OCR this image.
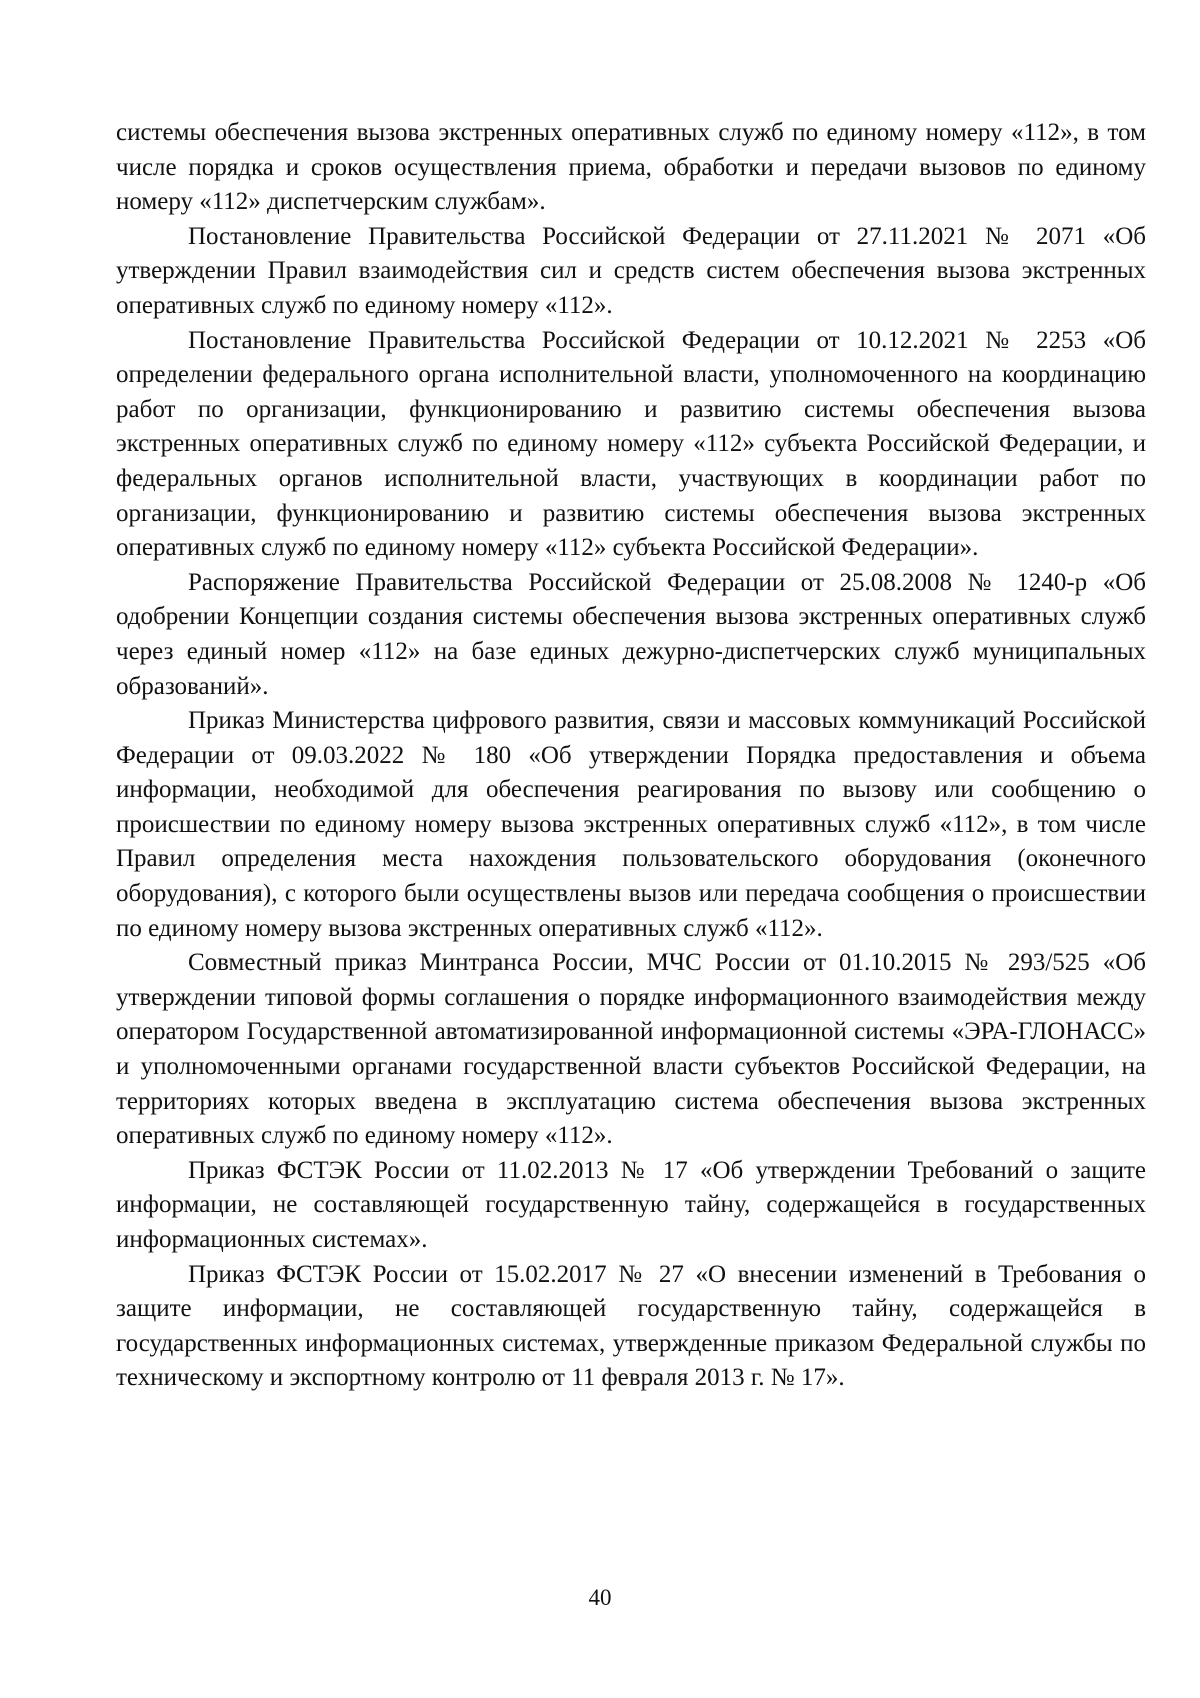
системы обеспечения вызова экстренных оперативных служб по единому номеру «112», в том числе порядка и сроков осуществления приема, обработки и передачи вызовов по единому номеру «112» диспетчерским службам».

Постановление Правительства Российской Федерации от 27.11.2021 № 2071 «Об утверждении Правил взаимодействия сил и средств систем обеспечения вызова экстренных оперативных служб по единому номеру «112».

Постановление Правительства Российской Федерации от 10.12.2021 № 2253 «Об определении федерального органа исполнительной власти, уполномоченного на координацию работ по организации, функционированию и развитию системы обеспечения вызова экстренных оперативных служб по единому номеру «112» субъекта Российской Федерации, и федеральных органов исполнительной власти, участвующих в координации работ по организации, функционированию и развитию системы обеспечения вызова экстренных оперативных служб по единому номеру «112» субъекта Российской Федерации».

Распоряжение Правительства Российской Федерации от 25.08.2008 № 1240-р «Об одобрении Концепции создания системы обеспечения вызова экстренных оперативных служб через единый номер «112» на базе единых дежурно-диспетчерских служб муниципальных образований».

Приказ Министерства цифрового развития, связи и массовых коммуникаций Российской Федерации от 09.03.2022 № 180 «Об утверждении Порядка предоставления и объема информации, необходимой для обеспечения реагирования по вызову или сообщению о происшествии по единому номеру вызова экстренных оперативных служб «112», в том числе Правил определения места нахождения пользовательского оборудования (оконечного оборудования), с которого были осуществлены вызов или передача сообщения о происшествии по единому номеру вызова экстренных оперативных служб «112».

Совместный приказ Минтранса России, МЧС России от 01.10.2015 № 293/525 «Об утверждении типовой формы соглашения о порядке информационного взаимодействия между оператором Государственной автоматизированной информационной системы «ЭРА-ГЛОНАСС» и уполномоченными органами государственной власти субъектов Российской Федерации, на территориях которых введена в эксплуатацию система обеспечения вызова экстренных оперативных служб по единому номеру «112».

Приказ ФСТЭК России от 11.02.2013 № 17 «Об утверждении Требований о защите информации, не составляющей государственную тайну, содержащейся в государственных информационных системах».

Приказ ФСТЭК России от 15.02.2017 № 27 «О внесении изменений в Требования о защите информации, не составляющей государственную тайну, содержащейся в государственных информационных системах, утвержденные приказом Федеральной службы по техническому и экспортному контролю от 11 февраля 2013 г. № 17».

40
